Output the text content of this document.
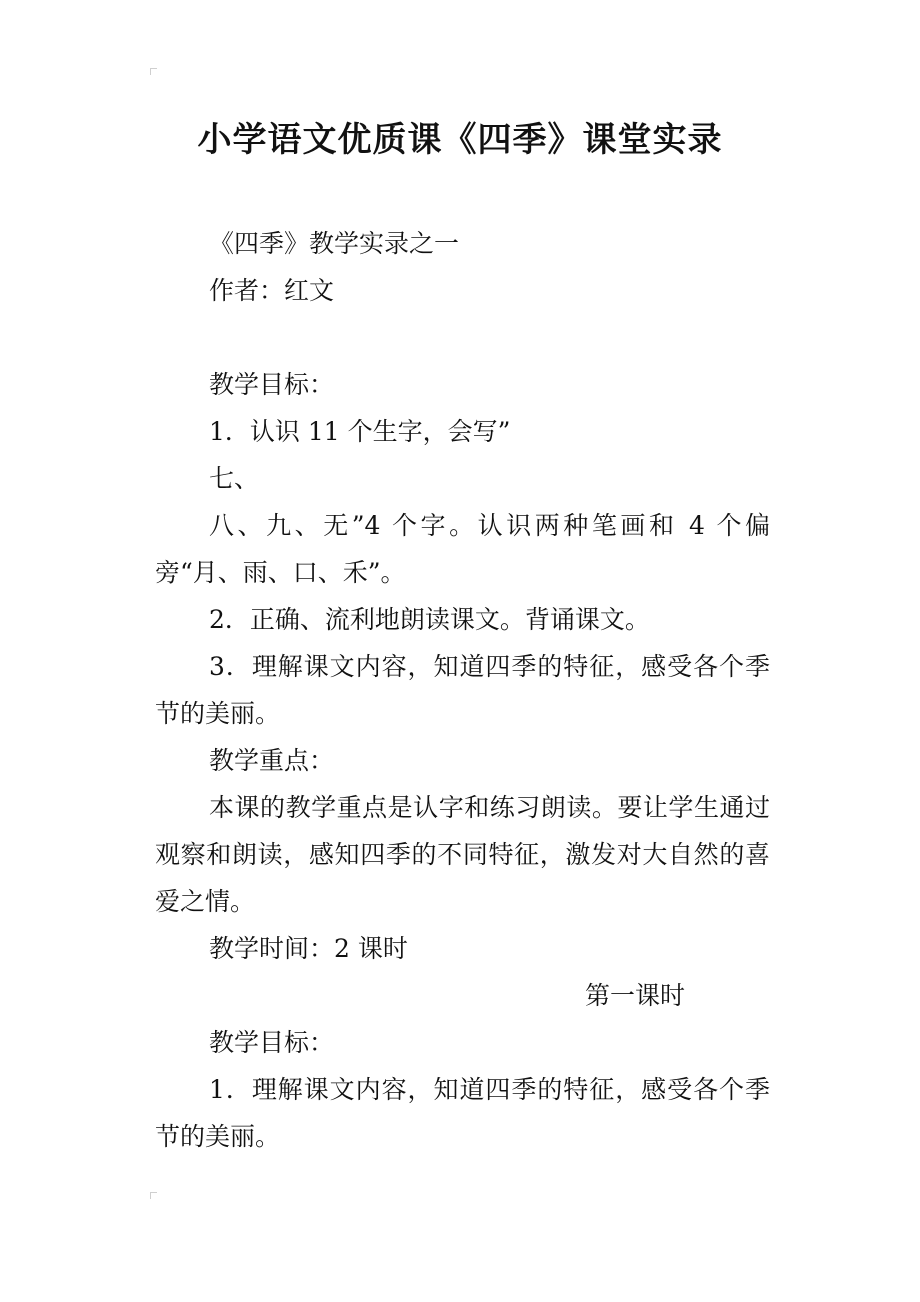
小学语文优质课《四季》课堂实录

《四季》教学实录之一

作者：红文

教学目标：

1．认识 11 个生字，会写”

七、

八、九、无”4 个字。认识两种笔画和 4 个偏旁“月、雨、口、禾”。

2．正确、流利地朗读课文。背诵课文。

3．理解课文内容，知道四季的特征，感受各个季节的美丽。

教学重点：

本课的教学重点是认字和练习朗读。要让学生通过观察和朗读，感知四季的不同特征，激发对大自然的喜爱之情。

教学时间：2 课时

第一课时

教学目标：

1．理解课文内容，知道四季的特征，感受各个季节的美丽。
